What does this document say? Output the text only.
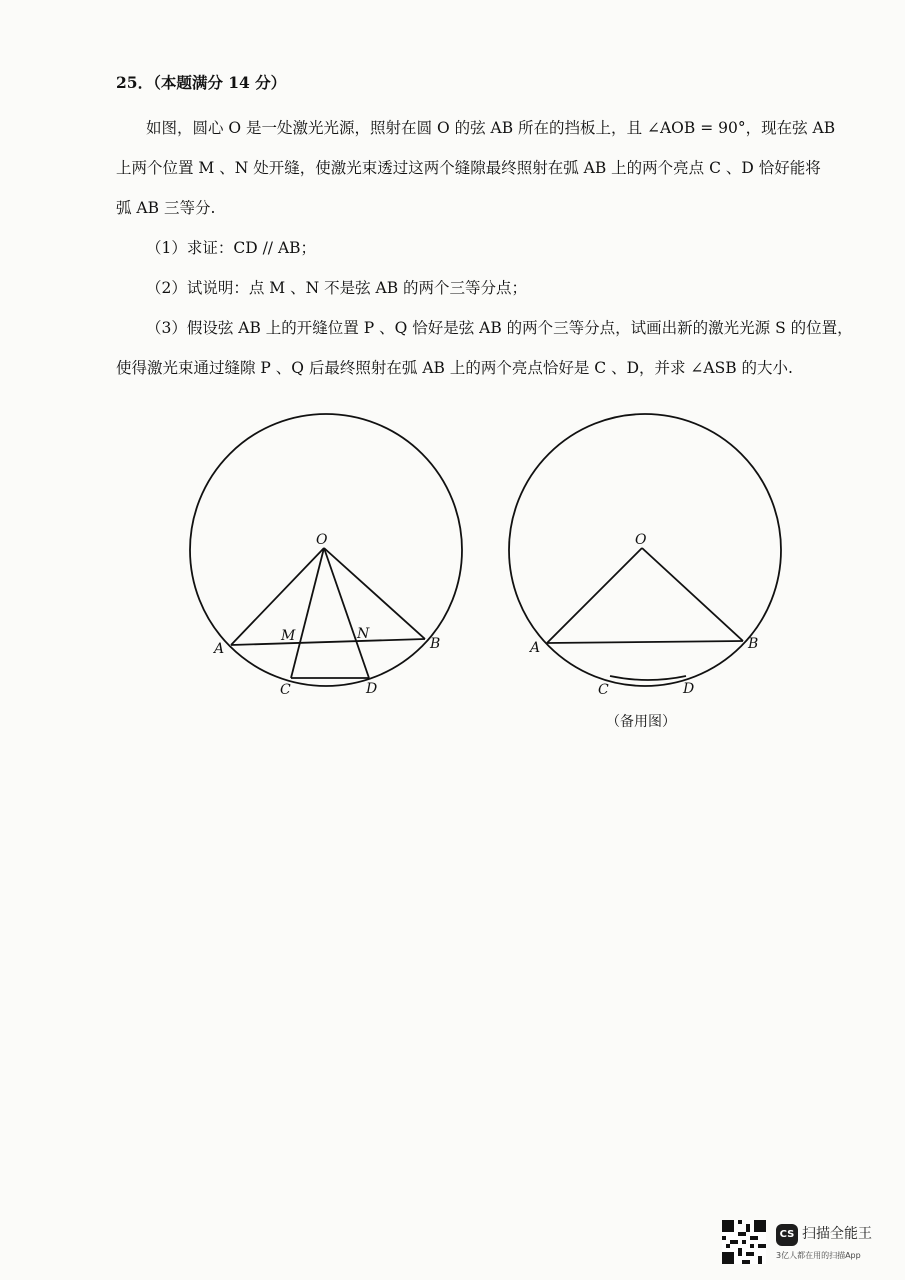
25．（本题满分 14 分）

如图，圆心 O 是一处激光光源，照射在圆 O 的弦 AB 所在的挡板上，且 ∠AOB = 90°，现在弦 AB

上两个位置 M 、N 处开缝，使激光束透过这两个缝隙最终照射在弧 AB 上的两个亮点 C 、D 恰好能将

弧 AB 三等分.

（1）求证：CD // AB；

（2）试说明：点 M 、N 不是弦 AB 的两个三等分点；

（3）假设弦 AB 上的开缝位置 P 、Q 恰好是弦 AB 的两个三等分点，试画出新的激光光源 S 的位置，

使得激光束通过缝隙 P 、Q 后最终照射在弧 AB 上的两个亮点恰好是 C 、D，并求 ∠ASB 的大小.

O
A	B
M	N
C	D
O
A	B
C	D
（备用图）
CS 扫描全能王
3亿人都在用的扫描App
